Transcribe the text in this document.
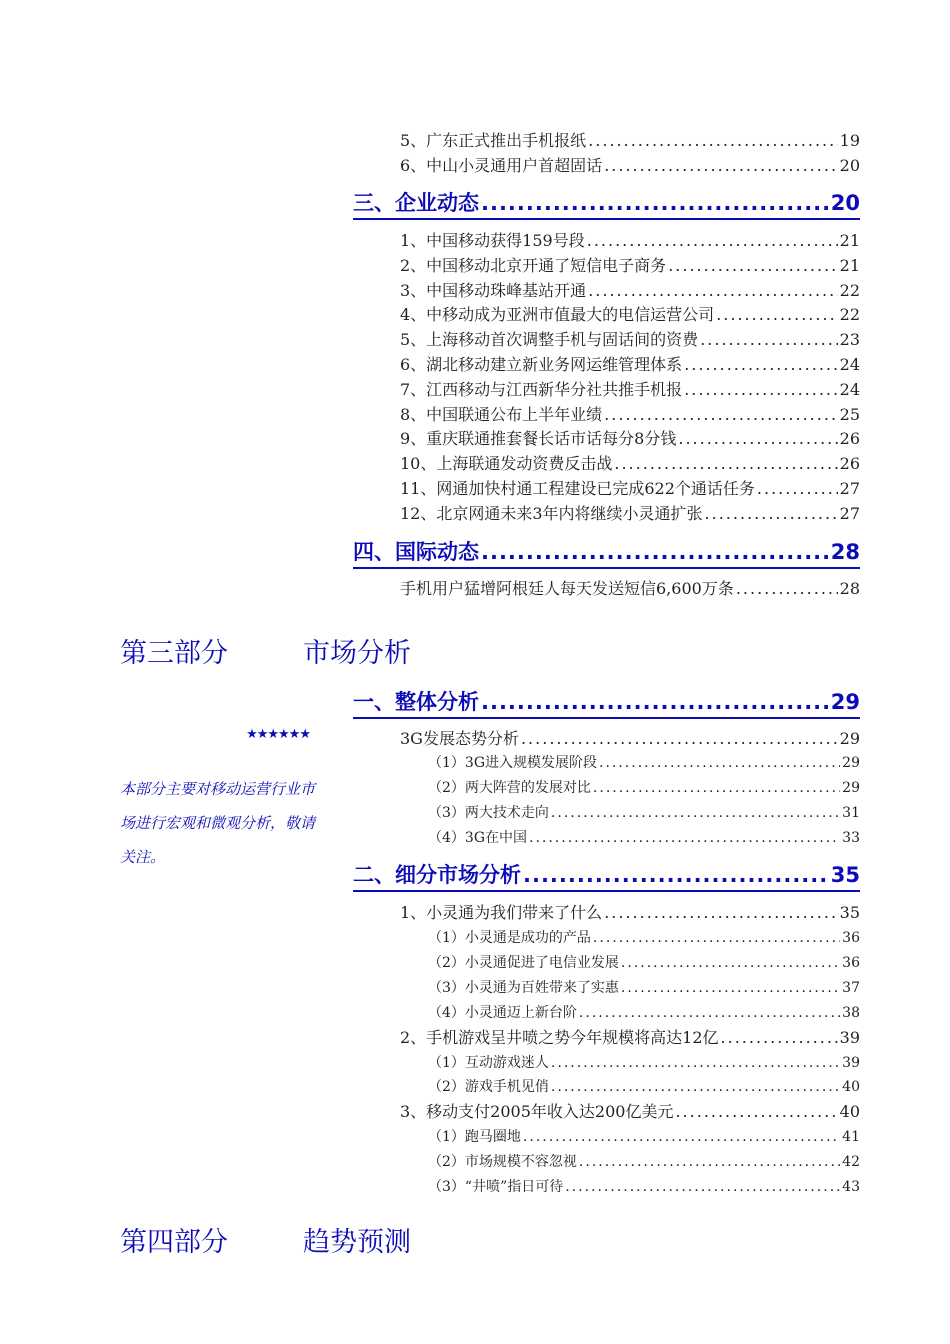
5、广东正式推出手机报纸 .....	19
6、中山小灵通用户首超固话 .....	20
三、企业动态 .....	20
1、中国移动获得159号段 .....	21
2、中国移动北京开通了短信电子商务 .....	21
3、中国移动珠峰基站开通 .....	22
4、中移动成为亚洲市值最大的电信运营公司 .....	22
5、上海移动首次调整手机与固话间的资费 .....	23
6、湖北移动建立新业务网运维管理体系 .....	24
7、江西移动与江西新华分社共推手机报 .....	24
8、中国联通公布上半年业绩 .....	25
9、重庆联通推套餐长话市话每分8分钱 .....	26
10、上海联通发动资费反击战 .....	26
11、网通加快村通工程建设已完成622个通话任务 .....	27
12、北京网通未来3年内将继续小灵通扩张 .....	27
四、国际动态 .....	28
手机用户猛增阿根廷人每天发送短信6,600万条 .....	28
第三部分	市场分析
★★★★★★
本部分主要对移动运营行业市场进行宏观和微观分析，敬请关注。
一、整体分析 .....	29
3G发展态势分析 .....	29
（1）3G进入规模发展阶段 .....	29
（2）两大阵营的发展对比 .....	29
（3）两大技术走向 .....	31
（4）3G在中国 .....	33
二、细分市场分析 .....	35
1、小灵通为我们带来了什么 .....	35
（1）小灵通是成功的产品 .....	36
（2）小灵通促进了电信业发展 .....	36
（3）小灵通为百姓带来了实惠 .....	37
（4）小灵通迈上新台阶 .....	38
2、手机游戏呈井喷之势今年规模将高达12亿 .....	39
（1）互动游戏迷人 .....	39
（2）游戏手机见俏 .....	40
3、移动支付2005年收入达200亿美元 .....	40
（1）跑马圈地 .....	41
（2）市场规模不容忽视 .....	42
（3）“井喷”指日可待 .....	43
第四部分	趋势预测
